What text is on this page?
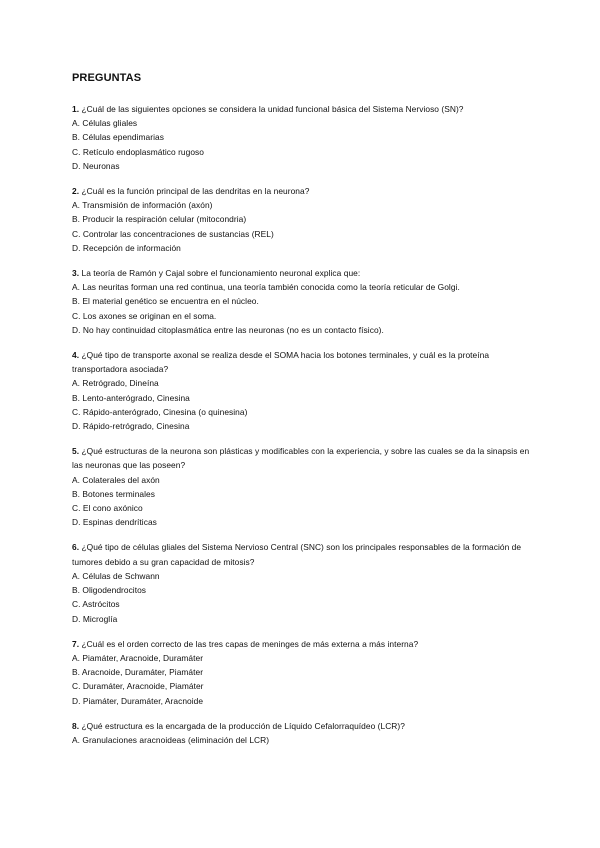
PREGUNTAS

1. ¿Cuál de las siguientes opciones se considera la unidad funcional básica del Sistema Nervioso (SN)?

A. Células gliales

B. Células ependimarias

C. Retículo endoplasmático rugoso

D. Neuronas

2. ¿Cuál es la función principal de las dendritas en la neurona?

A. Transmisión de información (axón)

B. Producir la respiración celular (mitocondria)

C. Controlar las concentraciones de sustancias (REL)

D. Recepción de información

3. La teoría de Ramón y Cajal sobre el funcionamiento neuronal explica que:

A. Las neuritas forman una red continua, una teoría también conocida como la teoría reticular de Golgi.

B. El material genético se encuentra en el núcleo.

C. Los axones se originan en el soma.

D. No hay continuidad citoplasmática entre las neuronas (no es un contacto físico).

4. ¿Qué tipo de transporte axonal se realiza desde el SOMA hacia los botones terminales, y cuál es la proteína transportadora asociada?

A. Retrógrado, Dineína

B. Lento-anterógrado, Cinesina

C. Rápido-anterógrado, Cinesina (o quinesina)

D. Rápido-retrógrado, Cinesina

5. ¿Qué estructuras de la neurona son plásticas y modificables con la experiencia, y sobre las cuales se da la sinapsis en las neuronas que las poseen?

A. Colaterales del axón

B. Botones terminales

C. El cono axónico

D. Espinas dendríticas

6. ¿Qué tipo de células gliales del Sistema Nervioso Central (SNC) son los principales responsables de la formación de tumores debido a su gran capacidad de mitosis?

A. Células de Schwann

B. Oligodendrocitos

C. Astrócitos

D. Microglía

7. ¿Cuál es el orden correcto de las tres capas de meninges de más externa a más interna?

A. Piamáter, Aracnoide, Duramáter

B. Aracnoide, Duramáter, Piamáter

C. Duramáter, Aracnoide, Piamáter

D. Piamáter, Duramáter, Aracnoide

8. ¿Qué estructura es la encargada de la producción de Líquido Cefalorraquídeo (LCR)?

A. Granulaciones aracnoideas (eliminación del LCR)
